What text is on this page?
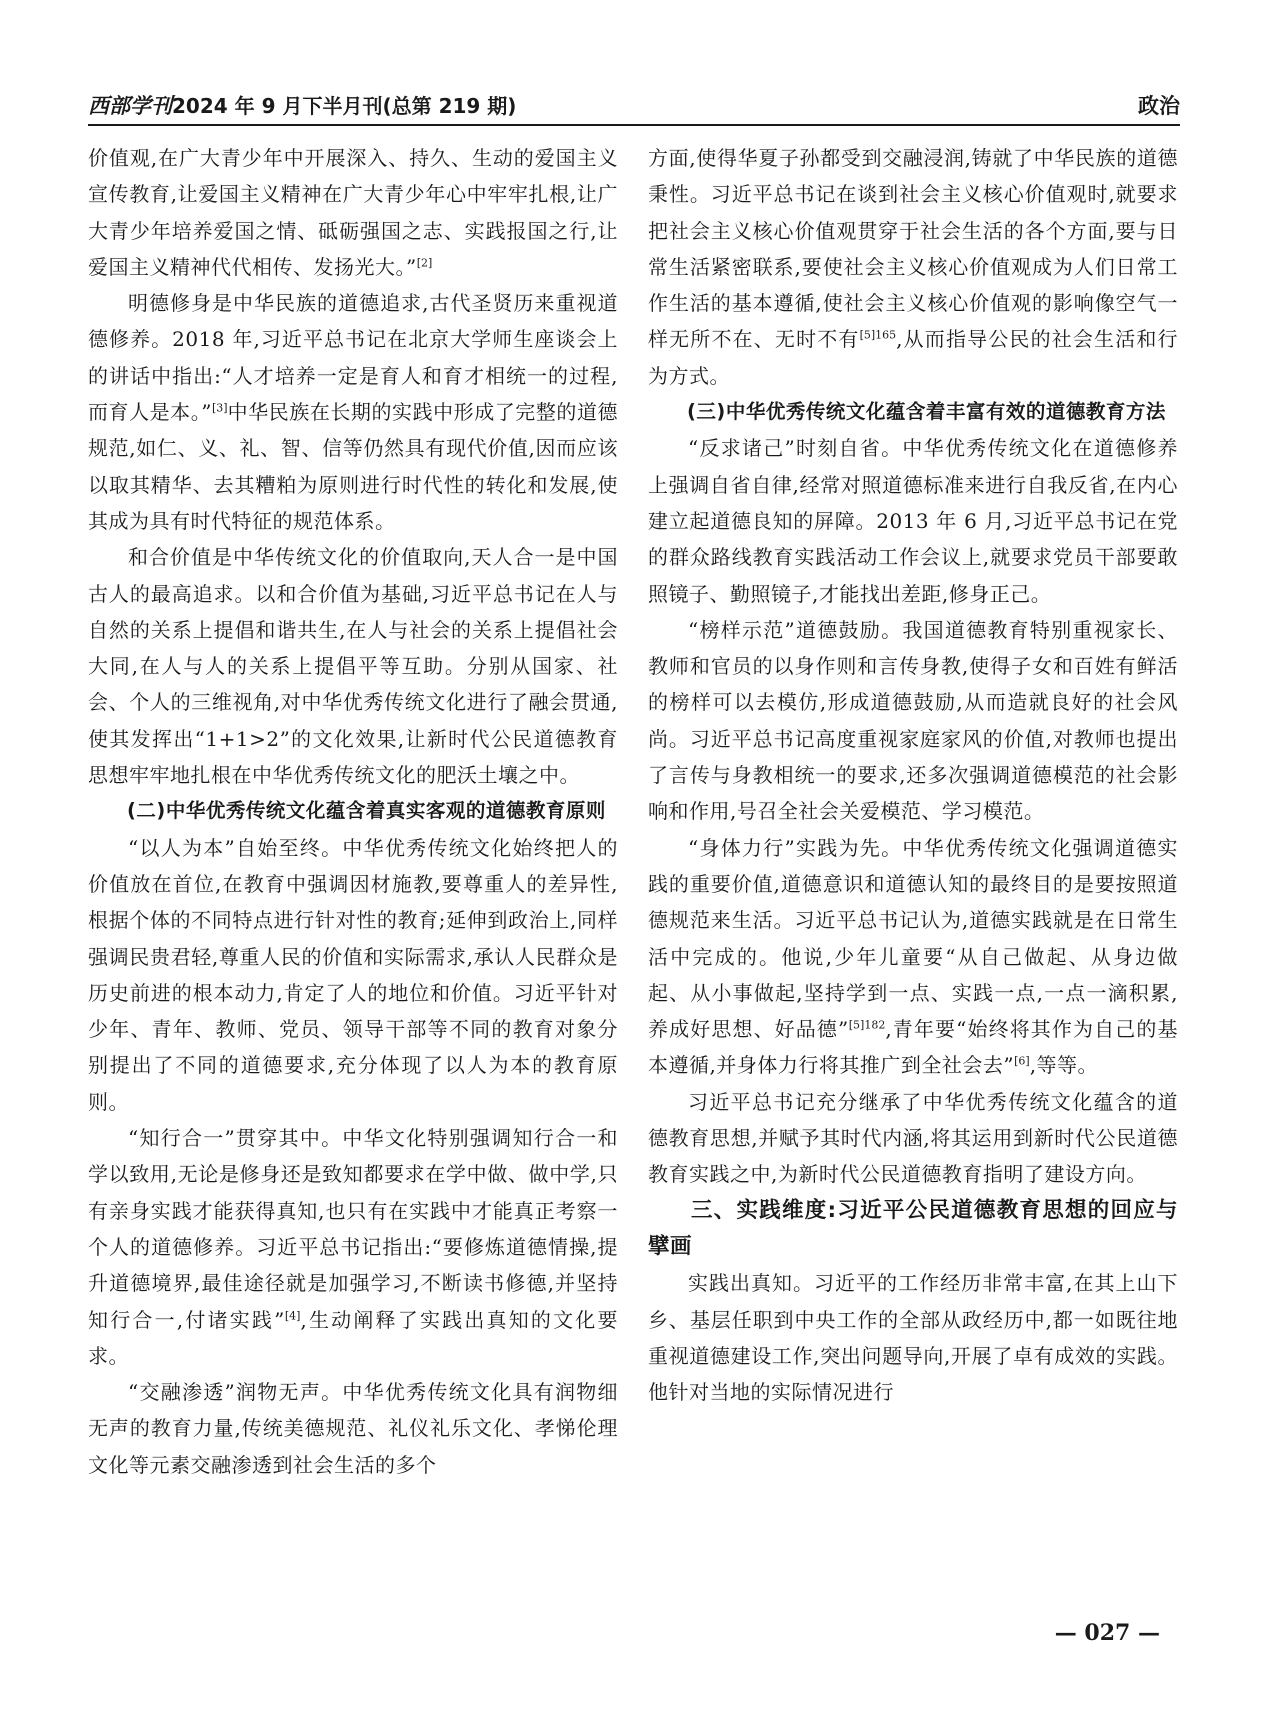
西部学刊2024 年 9 月下半月刊(总第 219 期)	政治

价值观,在广大青少年中开展深入、持久、生动的爱国主义宣传教育,让爱国主义精神在广大青少年心中牢牢扎根,让广大青少年培养爱国之情、砥砺强国之志、实践报国之行,让爱国主义精神代代相传、发扬光大。”[2]

明德修身是中华民族的道德追求,古代圣贤历来重视道德修养。2018 年,习近平总书记在北京大学师生座谈会上的讲话中指出:“人才培养一定是育人和育才相统一的过程,而育人是本。”[3]中华民族在长期的实践中形成了完整的道德规范,如仁、义、礼、智、信等仍然具有现代价值,因而应该以取其精华、去其糟粕为原则进行时代性的转化和发展,使其成为具有时代特征的规范体系。

和合价值是中华传统文化的价值取向,天人合一是中国古人的最高追求。以和合价值为基础,习近平总书记在人与自然的关系上提倡和谐共生,在人与社会的关系上提倡社会大同,在人与人的关系上提倡平等互助。分别从国家、社会、个人的三维视角,对中华优秀传统文化进行了融会贯通,使其发挥出“1+1>2”的文化效果,让新时代公民道德教育思想牢牢地扎根在中华优秀传统文化的肥沃土壤之中。

(二)中华优秀传统文化蕴含着真实客观的道德教育原则

“以人为本”自始至终。中华优秀传统文化始终把人的价值放在首位,在教育中强调因材施教,要尊重人的差异性,根据个体的不同特点进行针对性的教育;延伸到政治上,同样强调民贵君轻,尊重人民的价值和实际需求,承认人民群众是历史前进的根本动力,肯定了人的地位和价值。习近平针对少年、青年、教师、党员、领导干部等不同的教育对象分别提出了不同的道德要求,充分体现了以人为本的教育原则。

“知行合一”贯穿其中。中华文化特别强调知行合一和学以致用,无论是修身还是致知都要求在学中做、做中学,只有亲身实践才能获得真知,也只有在实践中才能真正考察一个人的道德修养。习近平总书记指出:“要修炼道德情操,提升道德境界,最佳途径就是加强学习,不断读书修德,并坚持知行合一,付诸实践”[4],生动阐释了实践出真知的文化要求。

“交融渗透”润物无声。中华优秀传统文化具有润物细无声的教育力量,传统美德规范、礼仪礼乐文化、孝悌伦理文化等元素交融渗透到社会生活的多个

方面,使得华夏子孙都受到交融浸润,铸就了中华民族的道德秉性。习近平总书记在谈到社会主义核心价值观时,就要求把社会主义核心价值观贯穿于社会生活的各个方面,要与日常生活紧密联系,要使社会主义核心价值观成为人们日常工作生活的基本遵循,使社会主义核心价值观的影响像空气一样无所不在、无时不有$^{[5]165}$,从而指导公民的社会生活和行为方式。

(三)中华优秀传统文化蕴含着丰富有效的道德教育方法

“反求诸己”时刻自省。中华优秀传统文化在道德修养上强调自省自律,经常对照道德标准来进行自我反省,在内心建立起道德良知的屏障。2013 年 6 月,习近平总书记在党的群众路线教育实践活动工作会议上,就要求党员干部要敢照镜子、勤照镜子,才能找出差距,修身正己。

“榜样示范”道德鼓励。我国道德教育特别重视家长、教师和官员的以身作则和言传身教,使得子女和百姓有鲜活的榜样可以去模仿,形成道德鼓励,从而造就良好的社会风尚。习近平总书记高度重视家庭家风的价值,对教师也提出了言传与身教相统一的要求,还多次强调道德模范的社会影响和作用,号召全社会关爱模范、学习模范。

“身体力行”实践为先。中华优秀传统文化强调道德实践的重要价值,道德意识和道德认知的最终目的是要按照道德规范来生活。习近平总书记认为,道德实践就是在日常生活中完成的。他说,少年儿童要“从自己做起、从身边做起、从小事做起,坚持学到一点、实践一点,一点一滴积累,养成好思想、好品德”$^{[5]182}$,青年要“始终将其作为自己的基本遵循,并身体力行将其推广到全社会去”[6],等等。

习近平总书记充分继承了中华优秀传统文化蕴含的道德教育思想,并赋予其时代内涵,将其运用到新时代公民道德教育实践之中,为新时代公民道德教育指明了建设方向。

三、实践维度:习近平公民道德教育思想的回应与擘画

实践出真知。习近平的工作经历非常丰富,在其上山下乡、基层任职到中央工作的全部从政经历中,都一如既往地重视道德建设工作,突出问题导向,开展了卓有成效的实践。他针对当地的实际情况进行

— 027 —
